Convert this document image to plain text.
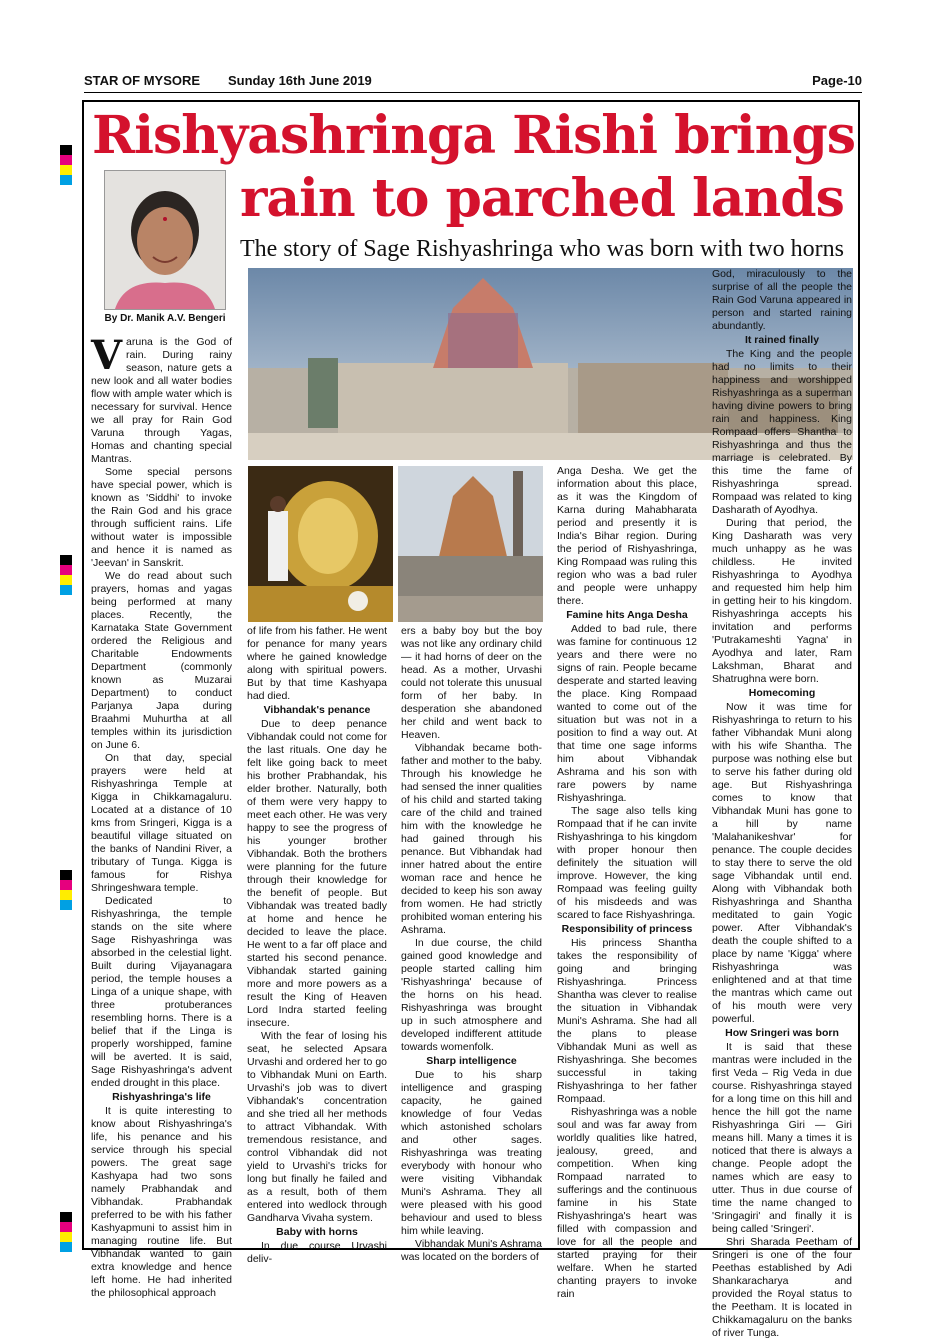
STAR OF MYSORE Sunday 16th June 2019	Page-10
Rishyashringa Rishi brings
rain to parched lands
The story of Sage Rishyashringa who was born with two horns
By Dr. Manik A.V. Bengeri

Varuna is the God of rain. During rainy season, nature gets a new look and all water bodies flow with ample water which is necessary for survival. Hence we all pray for Rain God Varuna through Yagas, Homas and chanting special Mantras.

Some special persons have special power, which is known as 'Siddhi' to invoke the Rain God and his grace through sufficient rains. Life without water is impossible and hence it is named as 'Jeevan' in Sanskrit.

We do read about such prayers, homas and yagas being performed at many places. Recently, the Karnataka State Government ordered the Religious and Charitable Endowments Department (commonly known as Muzarai Department) to conduct Parjanya Japa during Braahmi Muhurtha at all temples within its jurisdiction on June 6.

On that day, special prayers were held at Rishyashringa Temple at Kigga in Chikkamagaluru. Located at a distance of 10 kms from Sringeri, Kigga is a beautiful village situated on the banks of Nandini River, a tributary of Tunga. Kigga is famous for Rishya Shringeshwara temple.

Dedicated to Rishyashringa, the temple stands on the site where Sage Rishyashringa was absorbed in the celestial light. Built during Vijayanagara period, the temple houses a Linga of a unique shape, with three protuberances resembling horns. There is a belief that if the Linga is properly worshipped, famine will be averted. It is said, Sage Rishyashringa's advent ended drought in this place.

Rishyashringa's life

It is quite interesting to know about Rishyashringa's life, his penance and his service through his special powers. The great sage Kashyapa had two sons namely Prabhandak and Vibhandak. Prabhandak preferred to be with his father Kashyapmuni to assist him in managing routine life. But Vibhandak wanted to gain extra knowledge and hence left home. He had inherited the philosophical approach

of life from his father. He went for penance for many years where he gained knowledge along with spiritual powers. But by that time Kashyapa had died.

Vibhandak's penance

Due to deep penance Vibhandak could not come for the last rituals. One day he felt like going back to meet his brother Prabhandak, his elder brother. Naturally, both of them were very happy to meet each other. He was very happy to see the progress of his younger brother Vibhandak. Both the brothers were planning for the future through their knowledge for the benefit of people. But Vibhandak was treated badly at home and hence he decided to leave the place. He went to a far off place and started his second penance. Vibhandak started gaining more and more powers as a result the King of Heaven Lord Indra started feeling insecure.

With the fear of losing his seat, he selected Apsara Urvashi and ordered her to go to Vibhandak Muni on Earth. Urvashi's job was to divert Vibhandak's concentration and she tried all her methods to attract Vibhandak. With tremendous resistance, and control Vibhandak did not yield to Urvashi's tricks for long but finally he failed and as a result, both of them entered into wedlock through Gandharva Vivaha system.

Baby with horns

In due course Urvashi deliv-

ers a baby boy but the boy was not like any ordinary child — it had horns of deer on the head. As a mother, Urvashi could not tolerate this unusual form of her baby. In desperation she abandoned her child and went back to Heaven.

Vibhandak became both-father and mother to the baby. Through his knowledge he had sensed the inner qualities of his child and started taking care of the child and trained him with the knowledge he had gained through his penance. But Vibhandak had inner hatred about the entire woman race and hence he decided to keep his son away from women. He had strictly prohibited woman entering his Ashrama.

In due course, the child gained good knowledge and people started calling him 'Rishyashringa' because of the horns on his head. Rishyashringa was brought up in such atmosphere and developed indifferent attitude towards womenfolk.

Sharp intelligence

Due to his sharp intelligence and grasping capacity, he gained knowledge of four Vedas which astonished scholars and other sages. Rishyashringa was treating everybody with honour who were visiting Vibhandak Muni's Ashrama. They all were pleased with his good behaviour and used to bless him while leaving.

Vibhandak Muni's Ashrama was located on the borders of

Anga Desha. We get the information about this place, as it was the Kingdom of Karna during Mahabharata period and presently it is India's Bihar region. During the period of Rishyashringa, King Rompaad was ruling this region who was a bad ruler and people were unhappy there.

Famine hits Anga Desha

Added to bad rule, there was famine for continuous 12 years and there were no signs of rain. People became desperate and started leaving the place. King Rompaad wanted to come out of the situation but was not in a position to find a way out. At that time one sage informs him about Vibhandak Ashrama and his son with rare powers by name Rishyashringa.

The sage also tells king Rompaad that if he can invite Rishyashringa to his kingdom with proper honour then definitely the situation will improve. However, the king Rompaad was feeling guilty of his misdeeds and was scared to face Rishyashringa.

Responsibility of princess

His princess Shantha takes the responsibility of going and bringing Rishyashringa. Princess Shantha was clever to realise the situation in Vibhandak Muni's Ashrama. She had all the plans to please Vibhandak Muni as well as Rishyashringa. She becomes successful in taking Rishyashringa to her father Rompaad.

Rishyashringa was a noble soul and was far away from worldly qualities like hatred, jealousy, greed, and competition. When king Rompaad narrated to sufferings and the continuous famine in his State Rishyashringa's heart was filled with compassion and love for all the people and started praying for their welfare. When he started chanting prayers to invoke rain

God, miraculously to the surprise of all the people the Rain God Varuna appeared in person and started raining abundantly.

It rained finally

The King and the people had no limits to their happiness and worshipped Rishyashringa as a superman having divine powers to bring rain and happiness. King Rompaad offers Shantha to Rishyashringa and thus the marriage is celebrated. By this time the fame of Rishyashringa spread. Rompaad was related to king Dasharath of Ayodhya.

During that period, the King Dasharath was very much unhappy as he was childless. He invited Rishyashringa to Ayodhya and requested him help him in getting heir to his kingdom. Rishyashringa accepts his invitation and performs 'Putrakameshti Yagna' in Ayodhya and later, Ram Lakshman, Bharat and Shatrughna were born.

Homecoming

Now it was time for Rishyashringa to return to his father Vibhandak Muni along with his wife Shantha. The purpose was nothing else but to serve his father during old age. But Rishyashringa comes to know that Vibhandak Muni has gone to a hill by name 'Malahanikeshvar' for penance. The couple decides to stay there to serve the old sage Vibhandak until end. Along with Vibhandak both Rishyashringa and Shantha meditated to gain Yogic power. After Vibhandak's death the couple shifted to a place by name 'Kigga' where Rishyashringa was enlightened and at that time the mantras which came out of his mouth were very powerful.

How Sringeri was born

It is said that these mantras were included in the first Veda – Rig Veda in due course. Rishyashringa stayed for a long time on this hill and hence the hill got the name Rishyashringa Giri — Giri means hill. Many a times it is noticed that there is always a change. People adopt the names which are easy to utter. Thus in due course of time the name changed to 'Sringagiri' and finally it is being called 'Sringeri'.

Shri Sharada Peetham of Sringeri is one of the four Peethas established by Adi Shankaracharya and provided the Royal status to the Peetham. It is located in Chikkamagaluru on the banks of river Tunga.
